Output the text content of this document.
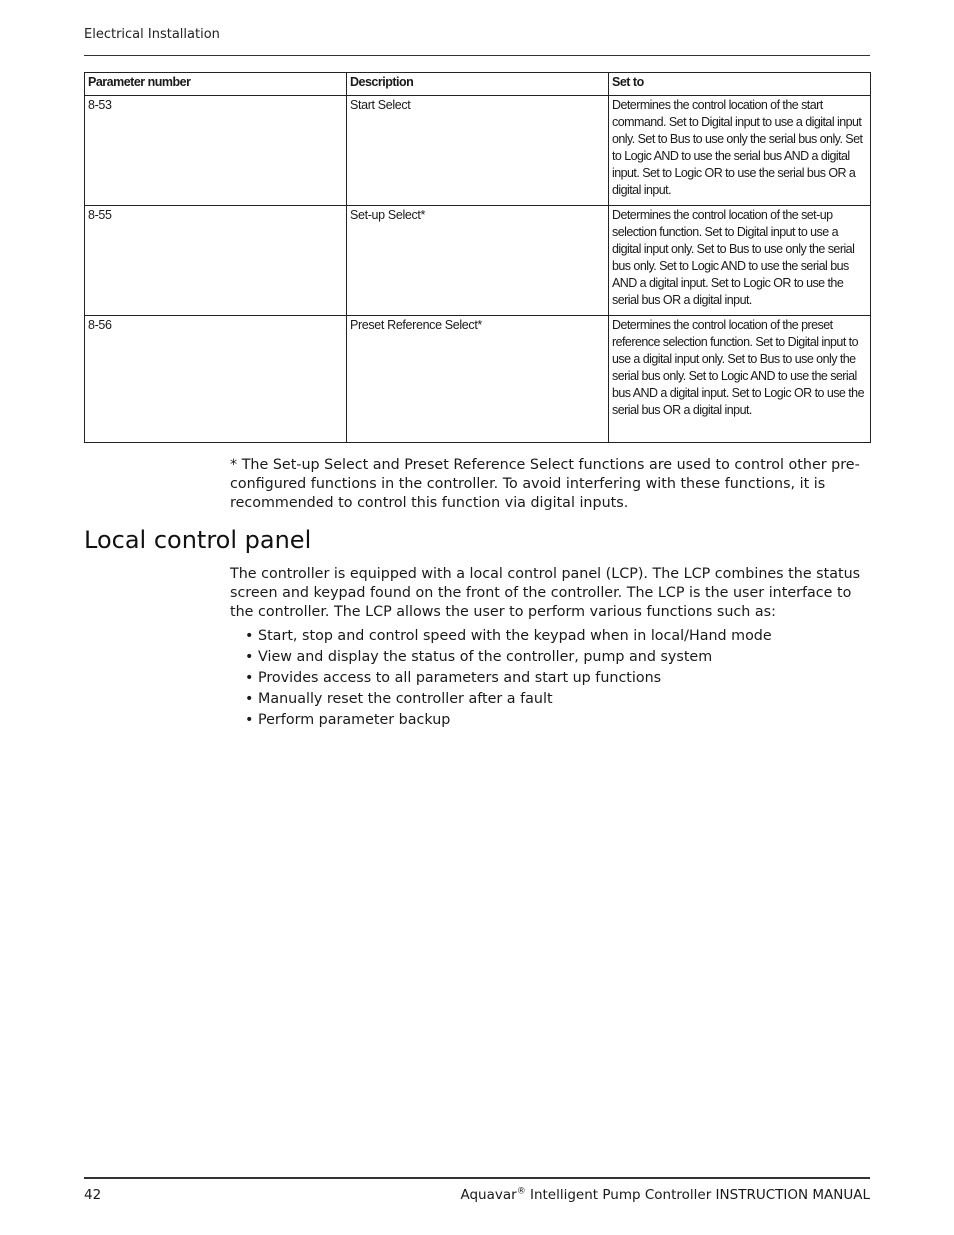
Electrical Installation
Parameter number	Description	Set to
8-53	Start Select	Determines the control location of the start command. Set to Digital input to use a digital input only. Set to Bus to use only the serial bus only. Set to Logic AND to use the serial bus AND a digital input. Set to Logic OR to use the serial bus OR a digital input.
8-55	Set-up Select*	Determines the control location of the set-up selection function. Set to Digital input to use a digital input only. Set to Bus to use only the serial bus only. Set to Logic AND to use the serial bus AND a digital input. Set to Logic OR to use the serial bus OR a digital input.
8-56	Preset Reference Select*	Determines the control location of the preset reference selection function. Set to Digital input to use a digital input only. Set to Bus to use only the serial bus only. Set to Logic AND to use the serial bus AND a digital input. Set to Logic OR to use the serial bus OR a digital input.
* The Set-up Select and Preset Reference Select functions are used to control other pre-configured functions in the controller. To avoid interfering with these functions, it is recommended to control this function via digital inputs.
Local control panel
The controller is equipped with a local control panel (LCP). The LCP combines the status screen and keypad found on the front of the controller. The LCP is the user interface to the controller. The LCP allows the user to perform various functions such as:
• Start, stop and control speed with the keypad when in local/Hand mode
• View and display the status of the controller, pump and system
• Provides access to all parameters and start up functions
• Manually reset the controller after a fault
• Perform parameter backup
42	Aquavar® Intelligent Pump Controller INSTRUCTION MANUAL
